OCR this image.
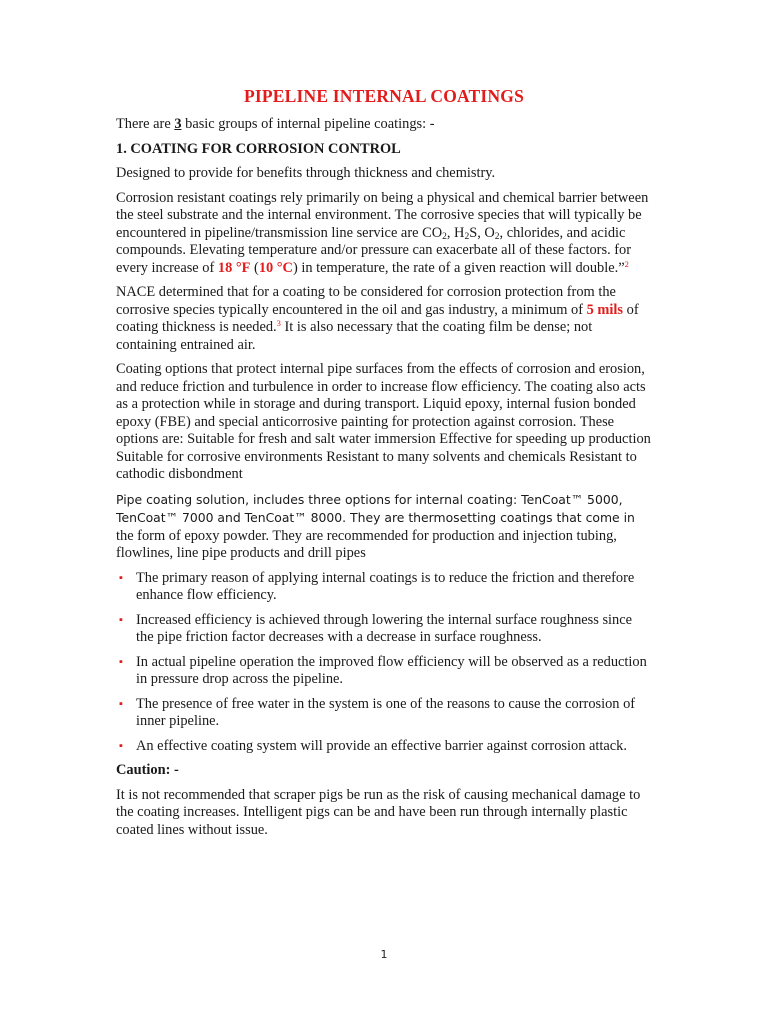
PIPELINE INTERNAL COATINGS

There are 3 basic groups of internal pipeline coatings: -

1. COATING FOR CORROSION CONTROL

Designed to provide for benefits through thickness and chemistry.

Corrosion resistant coatings rely primarily on being a physical and chemical barrier between the steel substrate and the internal environment. The corrosive species that will typically be encountered in pipeline/transmission line service are $CO_2$, $H_2S$, $O_2$, chlorides, and acidic compounds. Elevating temperature and/or pressure can exacerbate all of these factors. for every increase of 18 °F (10 °C) in temperature, the rate of a given reaction will double.”$^2$

NACE determined that for a coating to be considered for corrosion protection from the corrosive species typically encountered in the oil and gas industry, a minimum of 5 mils of coating thickness is needed.$^3$ It is also necessary that the coating film be dense; not containing entrained air.

Coating options that protect internal pipe surfaces from the effects of corrosion and erosion, and reduce friction and turbulence in order to increase flow efficiency. The coating also acts as a protection while in storage and during transport. Liquid epoxy, internal fusion bonded epoxy (FBE) and special anticorrosive painting for protection against corrosion. These options are: Suitable for fresh and salt water immersion Effective for speeding up production Suitable for corrosive environments Resistant to many solvents and chemicals Resistant to cathodic disbondment

Pipe coating solution, includes three options for internal coating: TenCoat™ 5000, TenCoat™ 7000 and TenCoat™ 8000. They are thermosetting coatings that come in the form of epoxy powder. They are recommended for production and injection tubing, flowlines, line pipe products and drill pipes

▪ The primary reason of applying internal coatings is to reduce the friction and therefore enhance flow efficiency.
▪ Increased efficiency is achieved through lowering the internal surface roughness since the pipe friction factor decreases with a decrease in surface roughness.
▪ In actual pipeline operation the improved flow efficiency will be observed as a reduction in pressure drop across the pipeline.
▪ The presence of free water in the system is one of the reasons to cause the corrosion of inner pipeline.
▪ An effective coating system will provide an effective barrier against corrosion attack.

Caution: -

It is not recommended that scraper pigs be run as the risk of causing mechanical damage to the coating increases. Intelligent pigs can be and have been run through internally plastic coated lines without issue.

1
